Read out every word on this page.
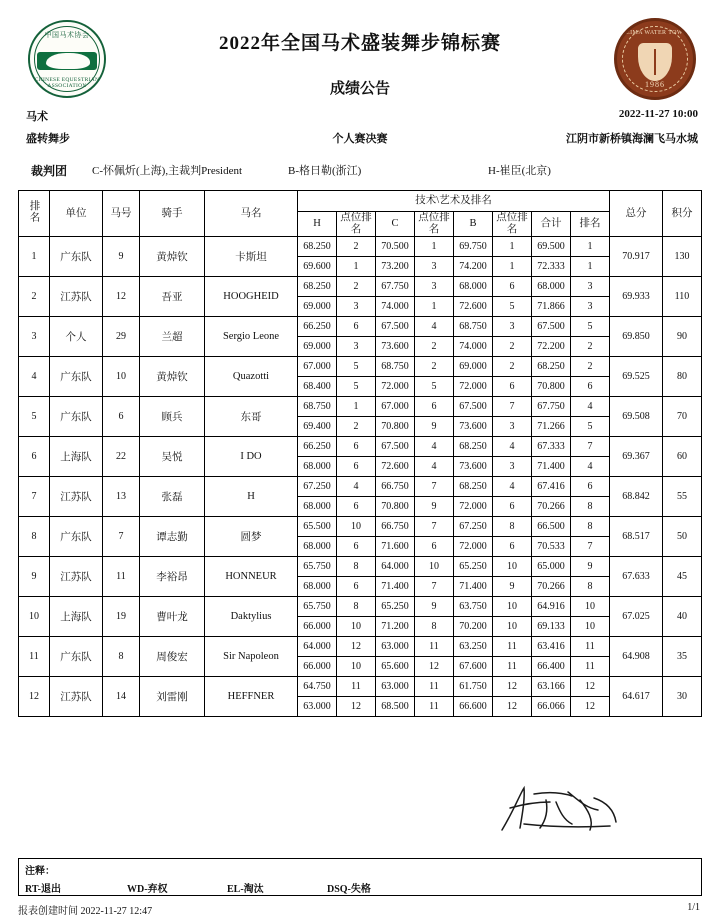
中国马术协会
CHINESE EQUESTRIAN ASSOCIATION
FEIMA WATER TOWN
1986
2022年全国马术盛装舞步锦标赛
成绩公告
马术	2022-11-27 10:00
盛转舞步	个人赛决赛	江阴市新桥镇海澜飞马水城
裁判团 C-怀佩炘(上海),主裁判President	B-格日勒(浙江)	H-崔臣(北京)
排名	单位	马号	骑手	马名	技术\艺术及排名								总分	积分
					H	点位排名	C	点位排名	B	点位排名	合计	排名		
1	广东队	9	黄焯钦	卡斯坦	68.250	2	70.500	1	69.750	1	69.500	1	70.917	130
					69.600	1	73.200	3	74.200	1	72.333	1		
2	江苏队	12	吾亚	HOOGHEID	68.250	2	67.750	3	68.000	6	68.000	3	69.933	110
					69.000	3	74.000	1	72.600	5	71.866	3		
3	个人	29	兰超	Sergio Leone	66.250	6	67.500	4	68.750	3	67.500	5	69.850	90
					69.000	3	73.600	2	74.000	2	72.200	2		
4	广东队	10	黄焯钦	Quazotti	67.000	5	68.750	2	69.000	2	68.250	2	69.525	80
					68.400	5	72.000	5	72.000	6	70.800	6		
5	广东队	6	顾兵	东哥	68.750	1	67.000	6	67.500	7	67.750	4	69.508	70
					69.400	2	70.800	9	73.600	3	71.266	5		
6	上海队	22	吴悦	I DO	66.250	6	67.500	4	68.250	4	67.333	7	69.367	60
					68.000	6	72.600	4	73.600	3	71.400	4		
7	江苏队	13	张磊	H	67.250	4	66.750	7	68.250	4	67.416	6	68.842	55
					68.000	6	70.800	9	72.000	6	70.266	8		
8	广东队	7	谭志勤	圆梦	65.500	10	66.750	7	67.250	8	66.500	8	68.517	50
					68.000	6	71.600	6	72.000	6	70.533	7		
9	江苏队	11	李裕昂	HONNEUR	65.750	8	64.000	10	65.250	10	65.000	9	67.633	45
					68.000	6	71.400	7	71.400	9	70.266	8		
10	上海队	19	曹叶龙	Daktylius	65.750	8	65.250	9	63.750	10	64.916	10	67.025	40
					66.000	10	71.200	8	70.200	10	69.133	10		
11	广东队	8	周俊宏	Sir Napoleon	64.000	12	63.000	11	63.250	11	63.416	11	64.908	35
					66.000	10	65.600	12	67.600	11	66.400	11		
12	江苏队	14	刘雷刚	HEFFNER	64.750	11	63.000	11	61.750	12	63.166	12	64.617	30
					63.000	12	68.500	11	66.600	12	66.066	12		
注释：
RT-退出	WD-弃权	EL-淘汰	DSQ-失格
报表创建时间 2022-11-27 12:47	1/1
